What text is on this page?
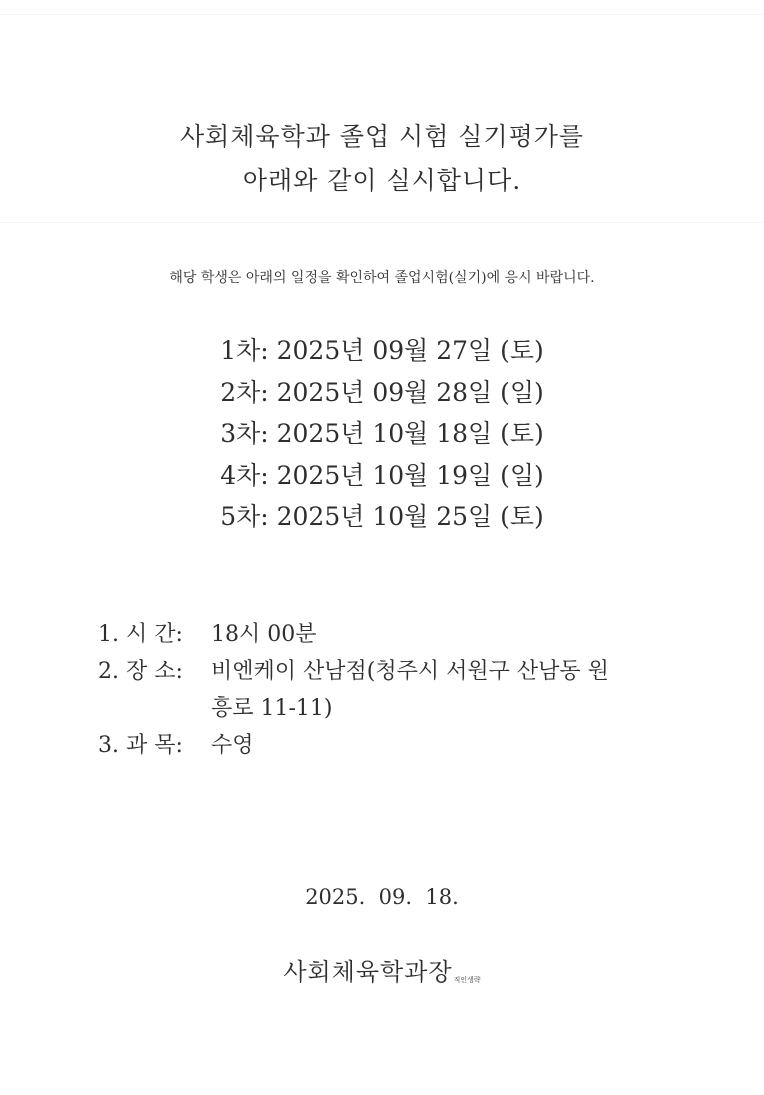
사회체육학과 졸업 시험 실기평가를
아래와 같이 실시합니다.
해당 학생은 아래의 일정을 확인하여 졸업시험(실기)에 응시 바랍니다.
1차: 2025년 09월 27일 (토)
2차: 2025년 09월 28일 (일)
3차: 2025년 10월 18일 (토)
4차: 2025년 10월 19일 (일)
5차: 2025년 10월 25일 (토)
1. 시 간: 18시 00분
2. 장 소: 비엔케이 산남점(청주시 서원구 산남동 원
흥로 11-11)
3. 과 목: 수영
2025.  09.  18.
사회체육학과장직인생략
